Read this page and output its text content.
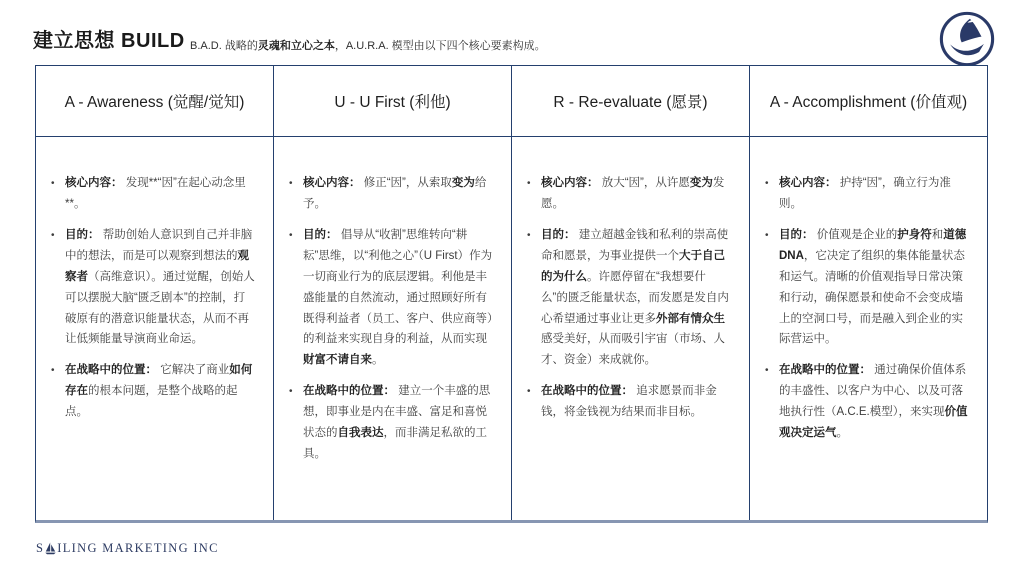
建立思想 BUILD B.A.D. 战略的灵魂和立心之本，A.U.R.A. 模型由以下四个核心要素构成。

A - Awareness (觉醒/觉知)
• 核心内容： 发现**“因”在起心动念里**。
• 目的： 帮助创始人意识到自己并非脑中的想法，而是可以观察到想法的观察者（高维意识）。通过觉醒，创始人可以摆脱大脑“匮乏剧本”的控制，打破原有的潜意识能量状态，从而不再让低频能量导演商业命运。
• 在战略中的位置： 它解决了商业如何存在的根本问题，是整个战略的起点。
U - U First (利他)
• 核心内容： 修正“因”，从索取变为给予。
• 目的： 倡导从“收割”思维转向“耕耘”思维，以“利他之心”（U First）作为一切商业行为的底层逻辑。利他是丰盛能量的自然流动，通过照顾好所有既得利益者（员工、客户、供应商等）的利益来实现自身的利益，从而实现财富不请自来。
• 在战略中的位置： 建立一个丰盛的思想，即事业是内在丰盛、富足和喜悦状态的自我表达，而非满足私欲的工具。
R - Re-evaluate (愿景)
• 核心内容： 放大“因”，从许愿变为发愿。
• 目的： 建立超越金钱和私利的崇高使命和愿景，为事业提供一个大于自己的为什么。许愿停留在“我想要什么”的匮乏能量状态，而发愿是发自内心希望通过事业让更多外部有情众生感受美好，从而吸引宇宙（市场、人才、资金）来成就你。
• 在战略中的位置： 追求愿景而非金钱，将金钱视为结果而非目标。
A - Accomplishment (价值观)
• 核心内容： 护持“因”，确立行为准则。
• 目的： 价值观是企业的护身符和道德DNA，它决定了组织的集体能量状态和运气。清晰的价值观指导日常决策和行动，确保愿景和使命不会变成墙上的空洞口号，而是融入到企业的实际营运中。
• 在战略中的位置： 通过确保价值体系的丰盛性、以客户为中心、以及可落地执行性（A.C.E.模型），来实现价值观决定运气。
S ILING MARKETING INC
